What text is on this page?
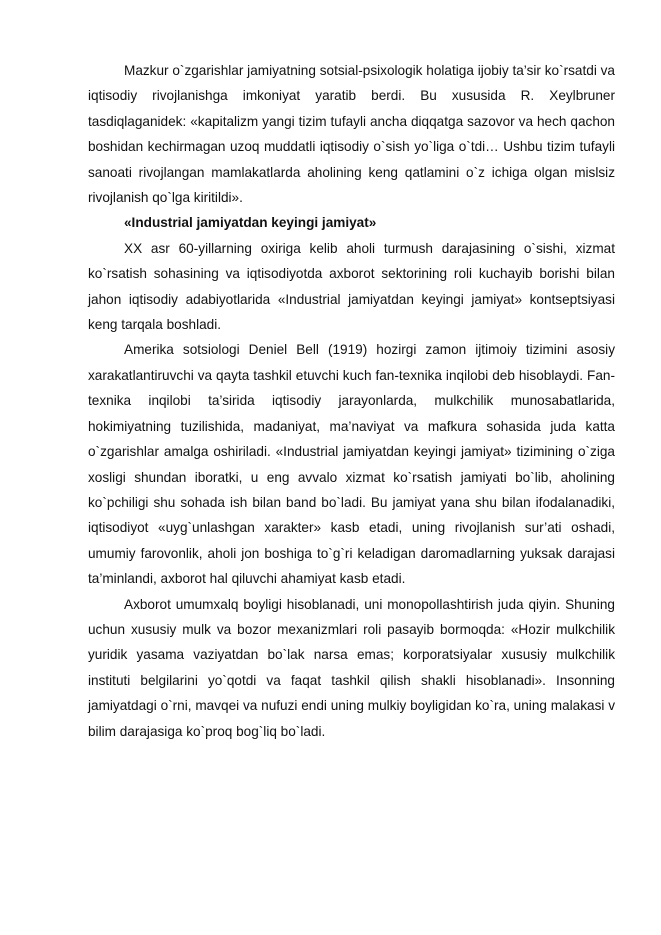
Mazkur o`zgarishlar jamiyatning sotsial-psixologik holatiga ijobiy ta’sir ko`rsatdi va iqtisodiy rivojlanishga imkoniyat yaratib berdi. Bu xususida R. Xeylbruner tasdiqlaganidek: «kapitalizm yangi tizim tufayli ancha diqqatga sazovor va hech qachon boshidan kechirmagan uzoq muddatli iqtisodiy o`sish yo`liga o`tdi… Ushbu tizim tufayli sanoati rivojlangan mamlakatlarda aholining keng qatlamini o`z ichiga olgan mislsiz rivojlanish qo`lga kiritildi».

«Industrial jamiyatdan keyingi jamiyat»

XX asr 60-yillarning oxiriga kelib aholi turmush darajasining o`sishi, xizmat ko`rsatish sohasining va iqtisodiyotda axborot sektorining roli kuchayib borishi bilan jahon iqtisodiy adabiyotlarida «Industrial jamiyatdan keyingi jamiyat» kontseptsiyasi keng tarqala boshladi.

Amerika sotsiologi Deniel Bell (1919) hozirgi zamon ijtimoiy tizimini asosiy xarakatlantiruvchi va qayta tashkil etuvchi kuch fan-texnika inqilobi deb hisoblaydi. Fan-texnika inqilobi ta’sirida iqtisodiy jarayonlarda, mulkchilik munosabatlarida, hokimiyatning tuzilishida, madaniyat, ma’naviyat va mafkura sohasida juda katta o`zgarishlar amalga oshiriladi. «Industrial jamiyatdan keyingi jamiyat» tizimining o`ziga xosligi shundan iboratki, u eng avvalo xizmat ko`rsatish jamiyati bo`lib, aholining ko`pchiligi shu sohada ish bilan band bo`ladi. Bu jamiyat yana shu bilan ifodalanadiki, iqtisodiyot «uyg`unlashgan xarakter» kasb etadi, uning rivojlanish sur’ati oshadi, umumiy farovonlik, aholi jon boshiga to`g`ri keladigan daromadlarning yuksak darajasi ta’minlandi, axborot hal qiluvchi ahamiyat kasb etadi.

Axborot umumxalq boyligi hisoblanadi, uni monopollashtirish juda qiyin. Shuning uchun xususiy mulk va bozor mexanizmlari roli pasayib bormoqda: «Hozir mulkchilik yuridik yasama vaziyatdan bo`lak narsa emas; korporatsiyalar xususiy mulkchilik instituti belgilarini yo`qotdi va faqat tashkil qilish shakli hisoblanadi». Insonning jamiyatdagi o`rni, mavqei va nufuzi endi uning mulkiy boyligidan ko`ra, uning malakasi v bilim darajasiga ko`proq bog`liq bo`ladi.
